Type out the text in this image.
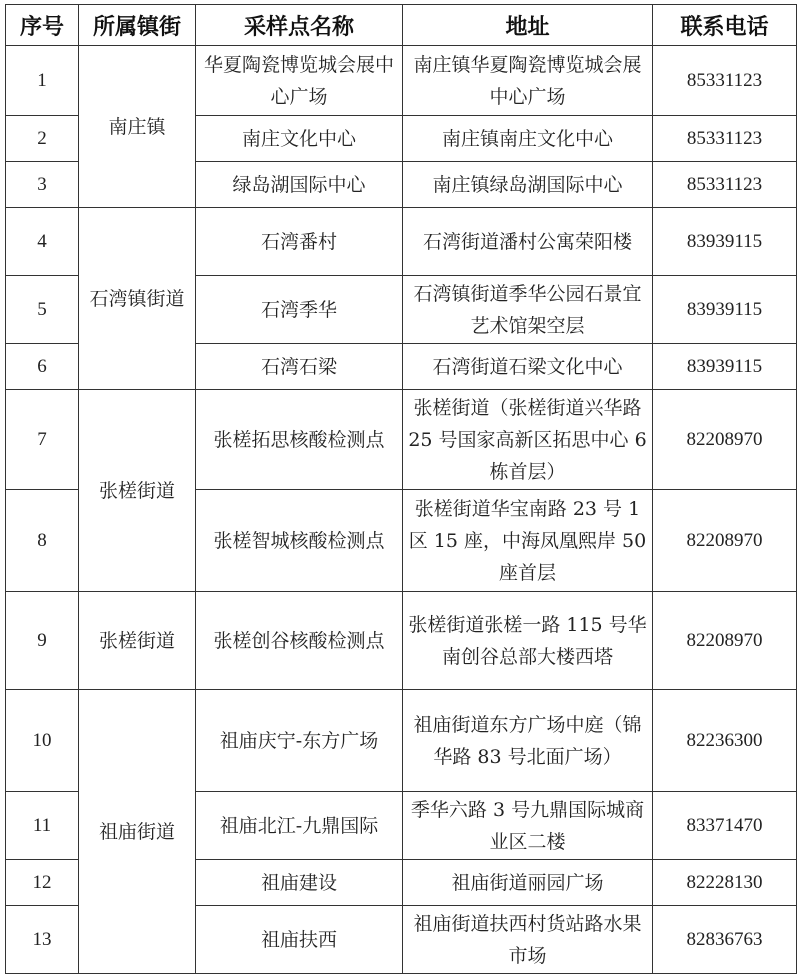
序号	所属镇街	采样点名称	地址	联系电话
1	南庄镇	华夏陶瓷博览城会展中心广场	南庄镇华夏陶瓷博览城会展中心广场	85331123
2		南庄文化中心	南庄镇南庄文化中心	85331123
3		绿岛湖国际中心	南庄镇绿岛湖国际中心	85331123
4	石湾镇街道	石湾番村	石湾街道潘村公寓荣阳楼	83939115
5		石湾季华	石湾镇街道季华公园石景宜艺术馆架空层	83939115
6		石湾石梁	石湾街道石梁文化中心	83939115
7	张槎街道	张槎拓思核酸检测点	张槎街道（张槎街道兴华路 25 号国家高新区拓思中心 6 栋首层）	82208970
8		张槎智城核酸检测点	张槎街道华宝南路 23 号 1 区 15 座，中海凤凰熙岸 50 座首层	82208970
9	张槎街道	张槎创谷核酸检测点	张槎街道张槎一路 115 号华南创谷总部大楼西塔	82208970
10	祖庙街道	祖庙庆宁-东方广场	祖庙街道东方广场中庭（锦华路 83 号北面广场）	82236300
11		祖庙北江-九鼎国际	季华六路 3 号九鼎国际城商业区二楼	83371470
12		祖庙建设	祖庙街道丽园广场	82228130
13		祖庙扶西	祖庙街道扶西村货站路水果市场	82836763
